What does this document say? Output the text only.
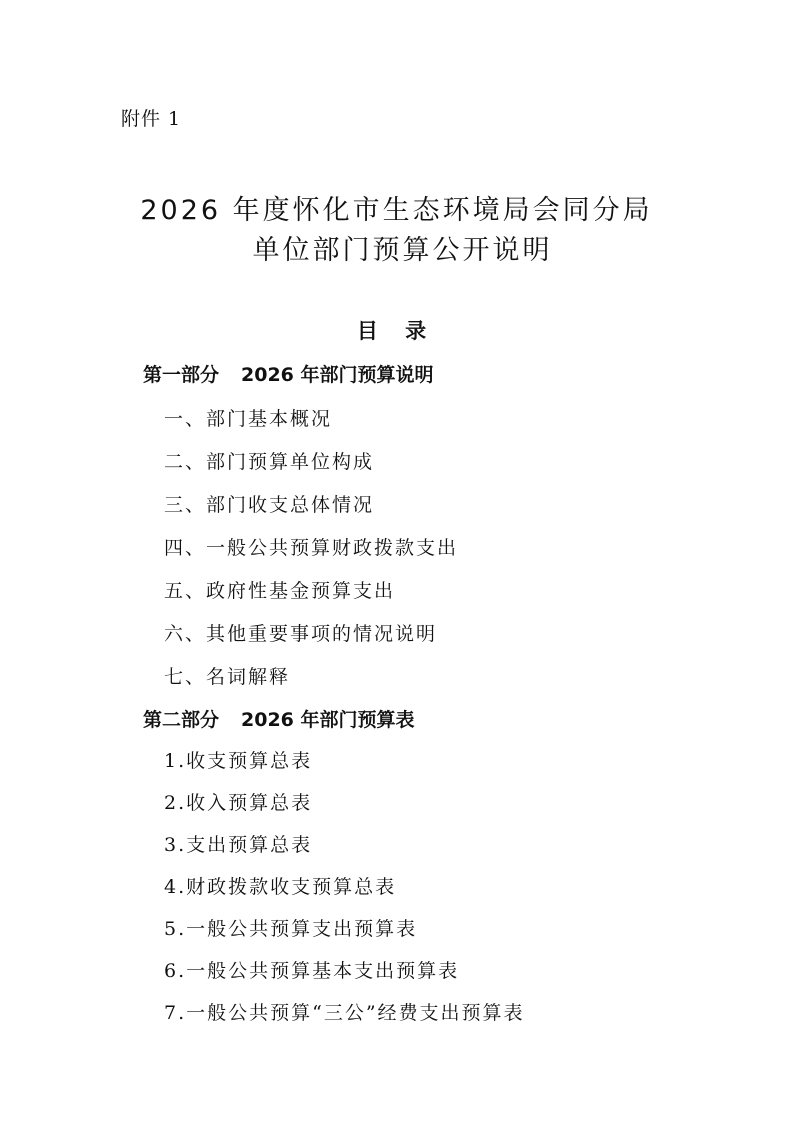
附件 1
2026 年度怀化市生态环境局会同分局
单位部门预算公开说明
目 录
第一部分 2026 年部门预算说明
一、部门基本概况
二、部门预算单位构成
三、部门收支总体情况
四、一般公共预算财政拨款支出
五、政府性基金预算支出
六、其他重要事项的情况说明
七、名词解释
第二部分 2026 年部门预算表
1.收支预算总表
2.收入预算总表
3.支出预算总表
4.财政拨款收支预算总表
5.一般公共预算支出预算表
6.一般公共预算基本支出预算表
7.一般公共预算“三公”经费支出预算表
